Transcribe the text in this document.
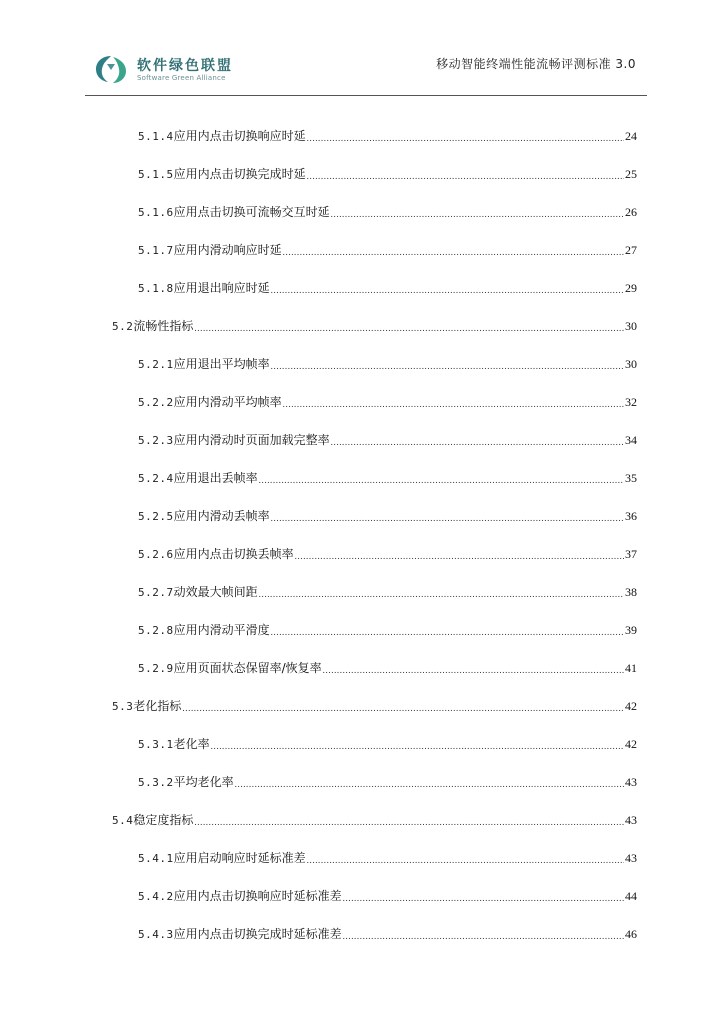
软件绿色联盟
Software Green Alliance
移动智能终端性能流畅评测标准 3.0
5.1.4 应用内点击切换响应时延 .....	24
5.1.5 应用内点击切换完成时延 .....	25
5.1.6 应用点击切换可流畅交互时延 .....	26
5.1.7 应用内滑动响应时延 .....	27
5.1.8 应用退出响应时延 .....	29
5.2 流畅性指标 .....	30
5.2.1 应用退出平均帧率 .....	30
5.2.2 应用内滑动平均帧率 .....	32
5.2.3 应用内滑动时页面加载完整率 .....	34
5.2.4 应用退出丢帧率 .....	35
5.2.5 应用内滑动丢帧率 .....	36
5.2.6 应用内点击切换丢帧率 .....	37
5.2.7 动效最大帧间距 .....	38
5.2.8 应用内滑动平滑度 .....	39
5.2.9 应用页面状态保留率/恢复率 .....	41
5.3 老化指标 .....	42
5.3.1 老化率 .....	42
5.3.2 平均老化率 .....	43
5.4 稳定度指标 .....	43
5.4.1 应用启动响应时延标准差 .....	43
5.4.2 应用内点击切换响应时延标准差 .....	44
5.4.3 应用内点击切换完成时延标准差 .....	46
